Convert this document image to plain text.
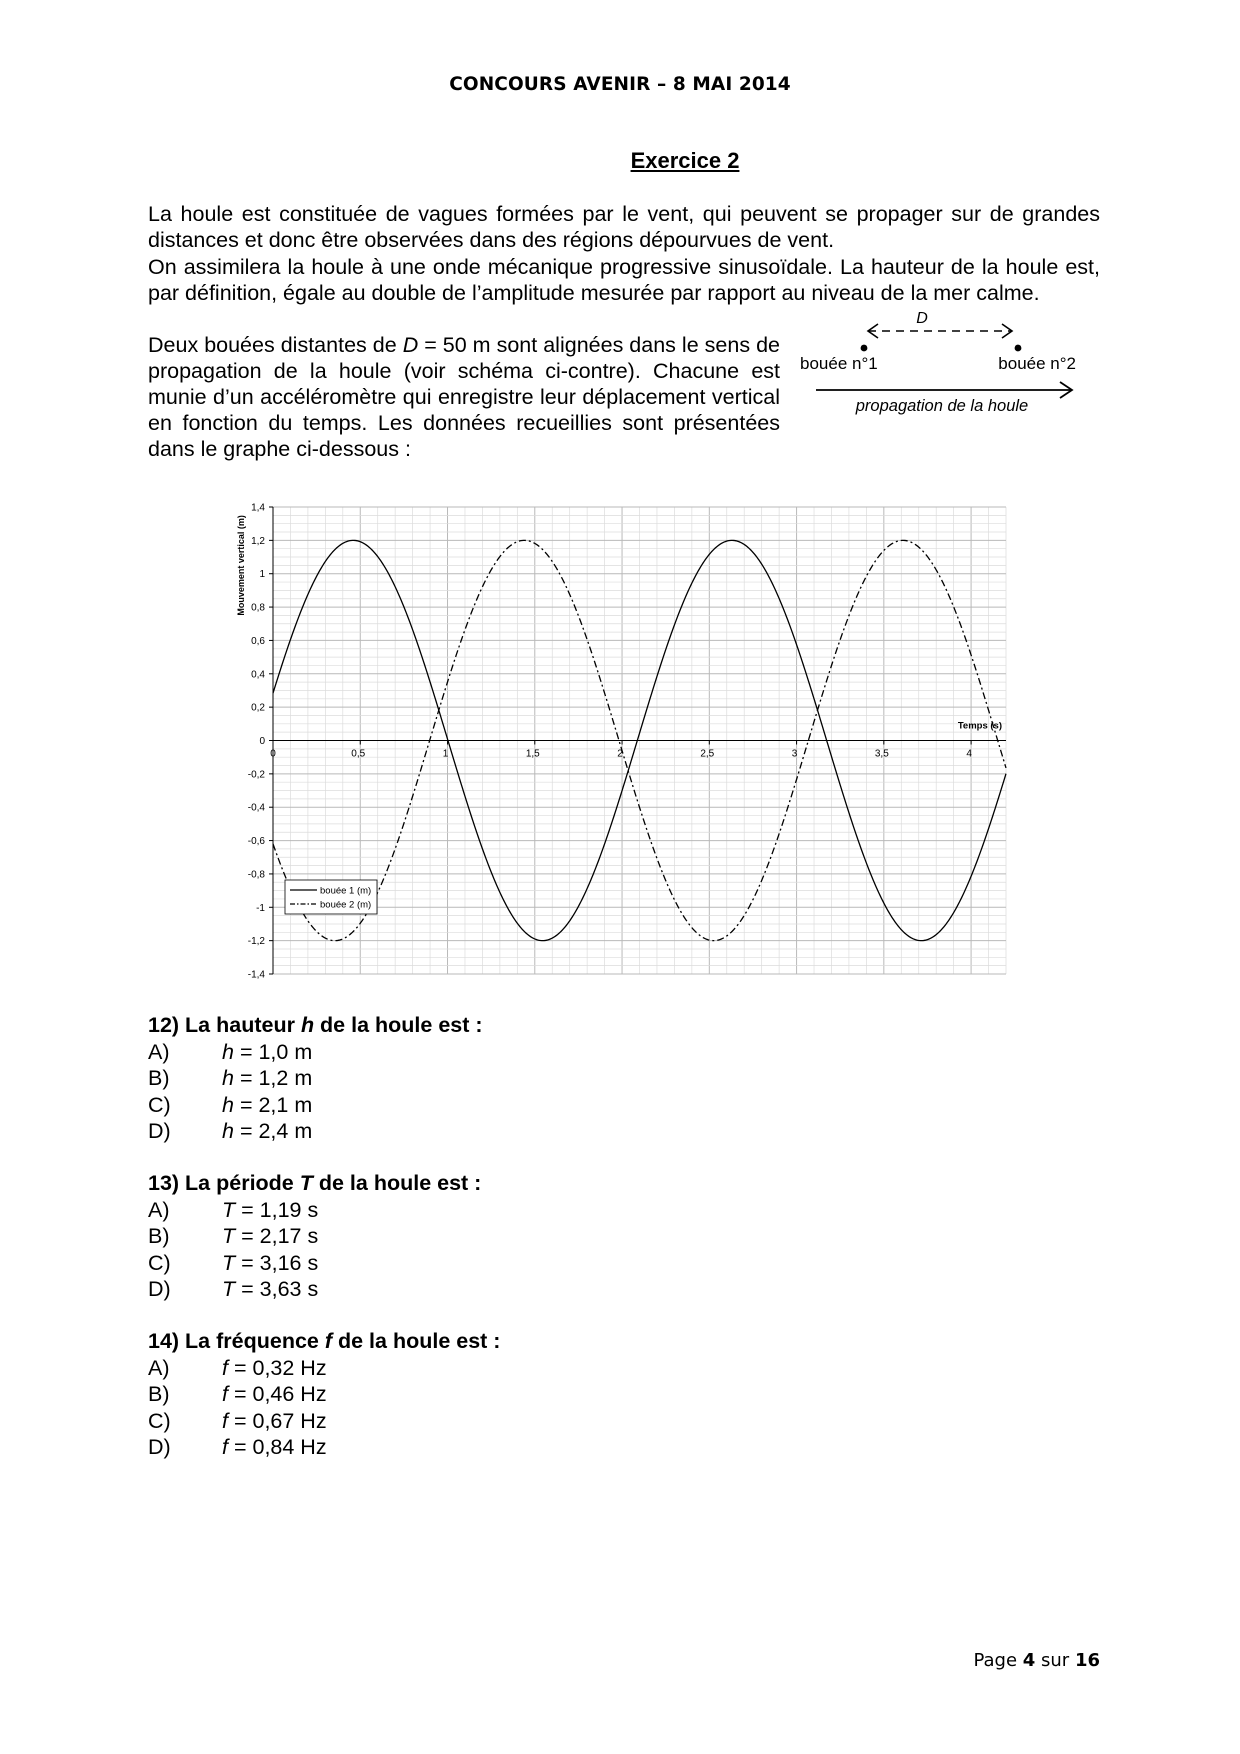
CONCOURS AVENIR – 8 MAI 2014
Exercice 2

La houle est constituée de vagues formées par le vent, qui peuvent se propager sur de grandes distances et donc être observées dans des régions dépourvues de vent.

On assimilera la houle à une onde mécanique progressive sinusoïdale. La hauteur de la houle est, par définition, égale au double de l’amplitude mesurée par rapport au niveau de la mer calme.

Deux bouées distantes de D = 50 m sont alignées dans le sens de propagation de la houle (voir schéma ci-contre). Chacune est munie d’un accéléromètre qui enregistre leur déplacement vertical en fonction du temps. Les données recueillies sont présentées dans le graphe ci-dessous :

D
bouée n°1	bouée n°2
propagation de la houle
1,4
1,2
1
0,8
0,6
0,4
0,2
0
-0,2
-0,4
-0,6
-0,8
-1
-1,2
-1,4
0	0,5	1	1,5	2	2,5	3	3,5	4
Temps (s)
Mouvement vertical (m)
bouée 1 (m)
bouée 2 (m)
12) La hauteur h de la houle est :
A)	h = 1,0 m
B)	h = 1,2 m
C)	h = 2,1 m
D)	h = 2,4 m
13) La période T de la houle est :
A)	T = 1,19 s
B)	T = 2,17 s
C)	T = 3,16 s
D)	T = 3,63 s
14) La fréquence f de la houle est :
A)	f = 0,32 Hz
B)	f = 0,46 Hz
C)	f = 0,67 Hz
D)	f = 0,84 Hz
Page 4 sur 16
